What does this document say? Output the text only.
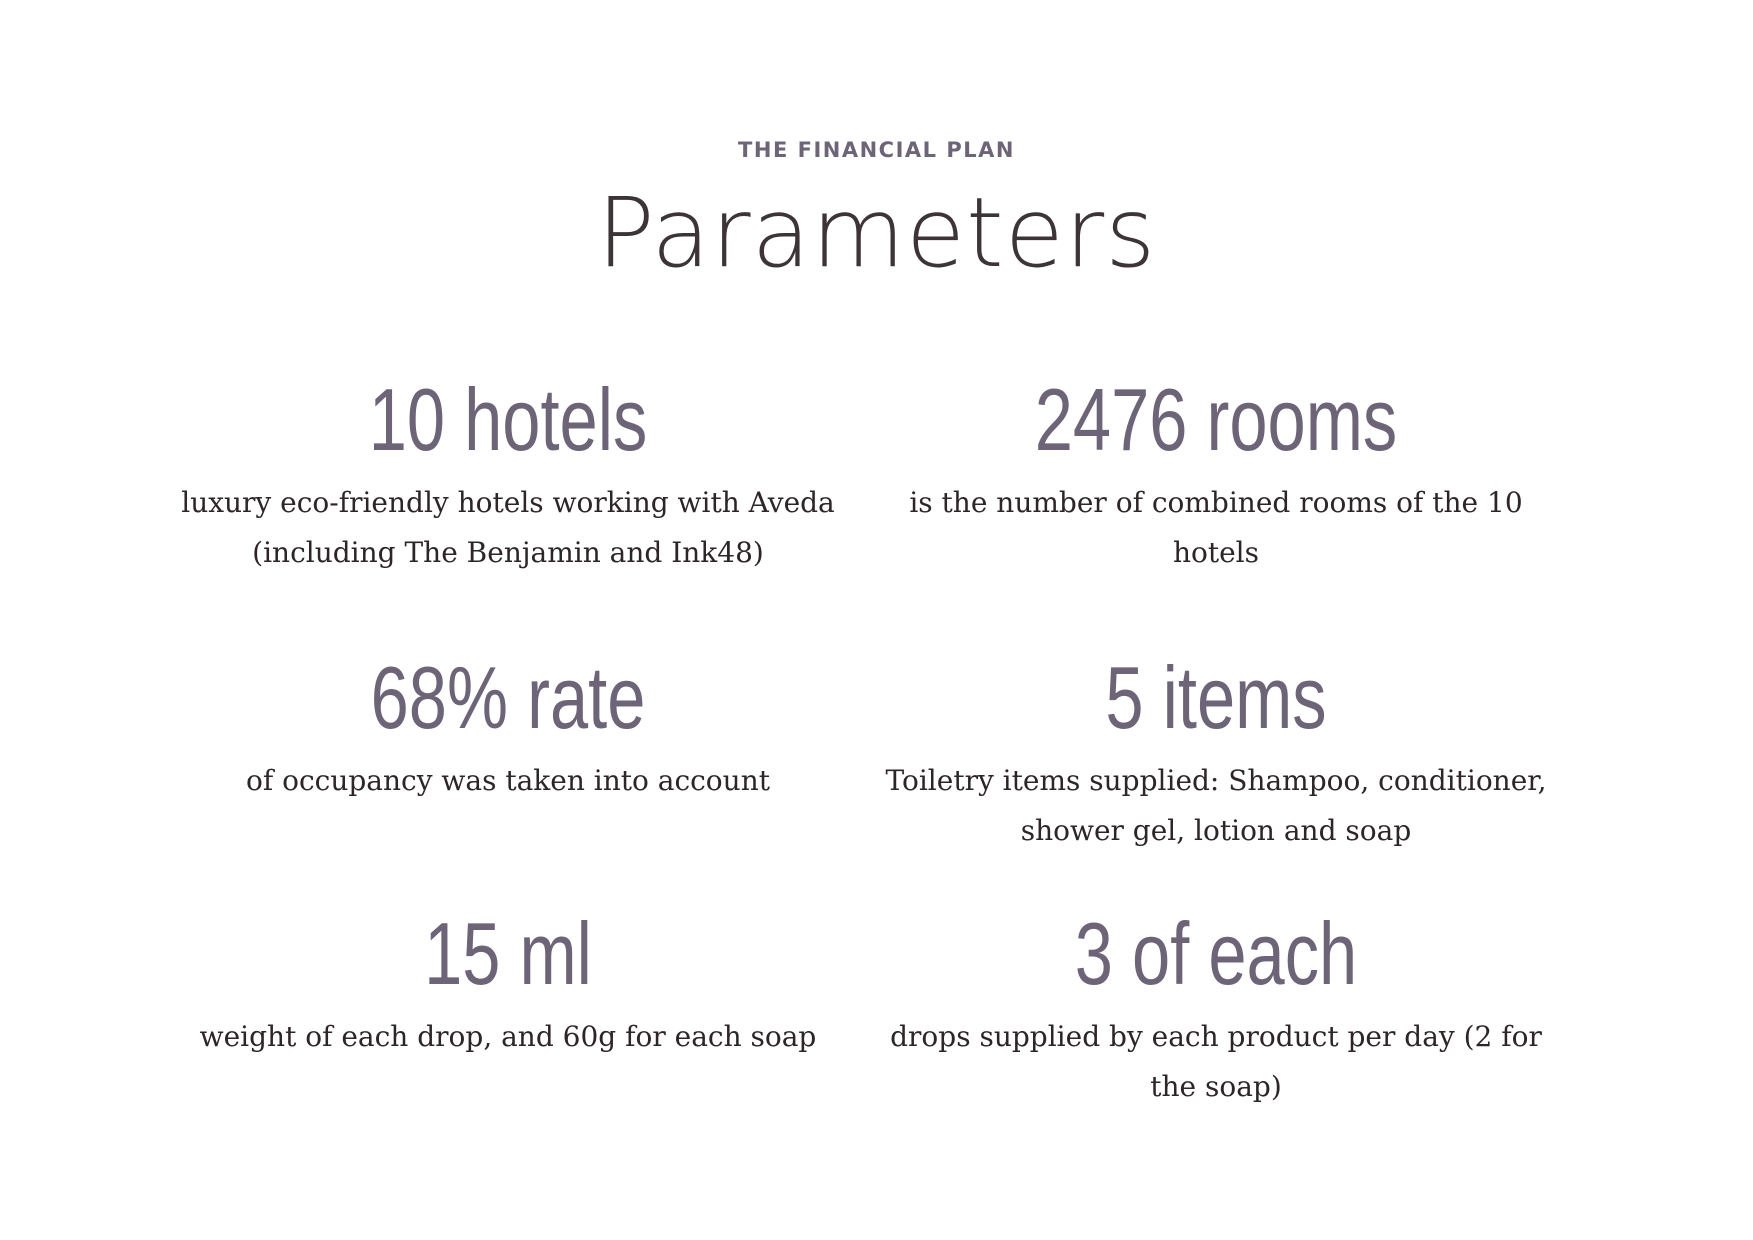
THE FINANCIAL PLAN
Parameters
10 hotels
luxury eco-friendly hotels working with Aveda (including The Benjamin and Ink48)
2476 rooms
is the number of combined rooms of the 10 hotels
68% rate
of occupancy was taken into account
5 items
Toiletry items supplied: Shampoo, conditioner, shower gel, lotion and soap
15 ml
weight of each drop, and 60g for each soap
3 of each
drops supplied by each product per day (2 for the soap)
